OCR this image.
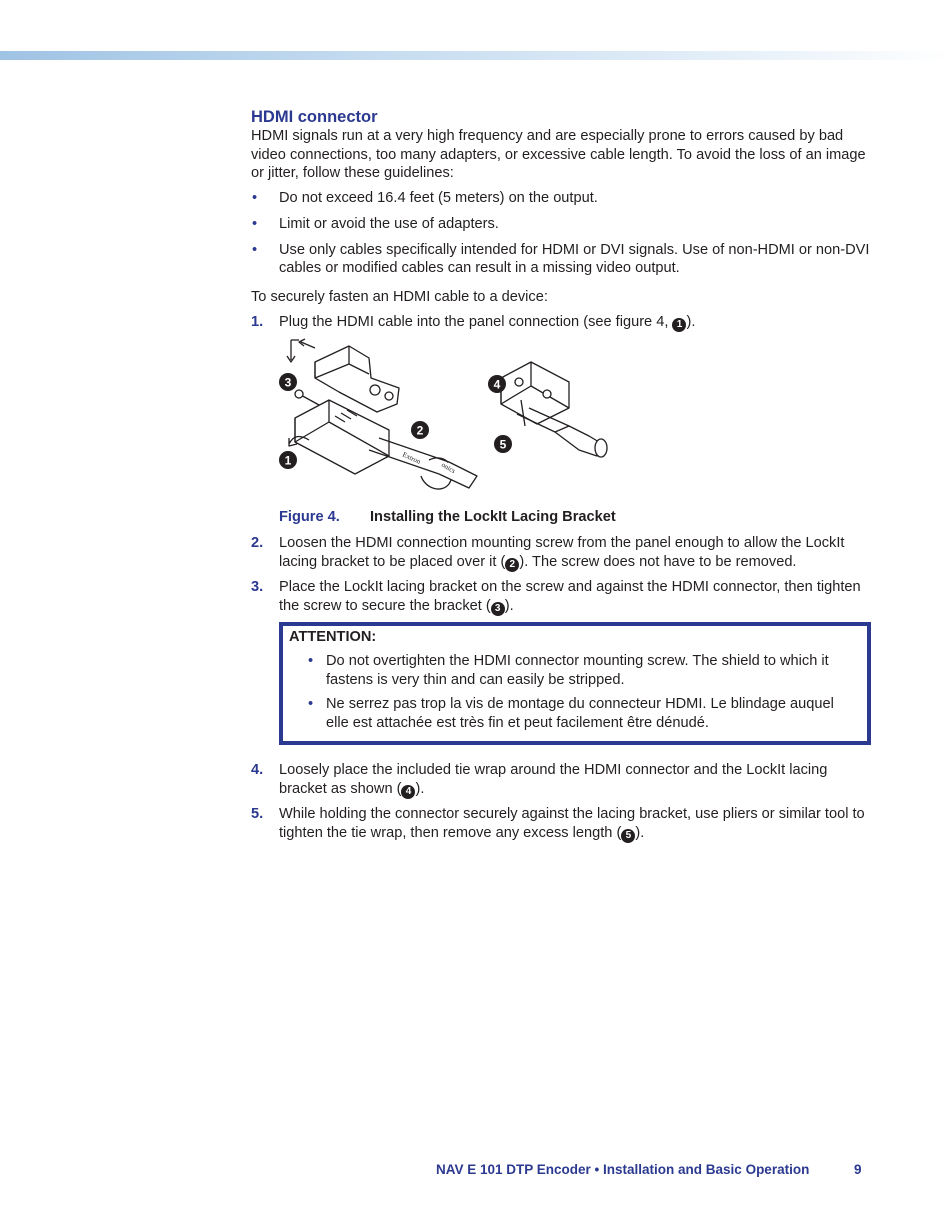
HDMI connector

HDMI signals run at a very high frequency and are especially prone to errors caused by bad video connections, too many adapters, or excessive cable length. To avoid the loss of an image or jitter, follow these guidelines:

• Do not exceed 16.4 feet (5 meters) on the output.
• Limit or avoid the use of adapters.
• Use only cables specifically intended for HDMI or DVI signals. Use of non-HDMI or non-DVI cables or modified cables can result in a missing video output.

To securely fasten an HDMI cable to a device:

1. Plug the HDMI cable into the panel connection (see figure 4, 1 ).
Extron
onics
3
1
2
4
5
Figure 4. Installing the LockIt Lacing Bracket
2. Loosen the HDMI connection mounting screw from the panel enough to allow the LockIt lacing bracket to be placed over it ( 2 ). The screw does not have to be removed.
3. Place the LockIt lacing bracket on the screw and against the HDMI connector, then tighten the screw to secure the bracket ( 3 ).
ATTENTION:
• Do not overtighten the HDMI connector mounting screw. The shield to which it fastens is very thin and can easily be stripped.
• Ne serrez pas trop la vis de montage du connecteur HDMI. Le blindage auquel elle est attachée est très fin et peut facilement être dénudé.
4. Loosely place the included tie wrap around the HDMI connector and the LockIt lacing bracket as shown ( 4 ).
5. While holding the connector securely against the lacing bracket, use pliers or similar tool to tighten the tie wrap, then remove any excess length ( 5 ).
NAV E 101 DTP Encoder • Installation and Basic Operation	9
